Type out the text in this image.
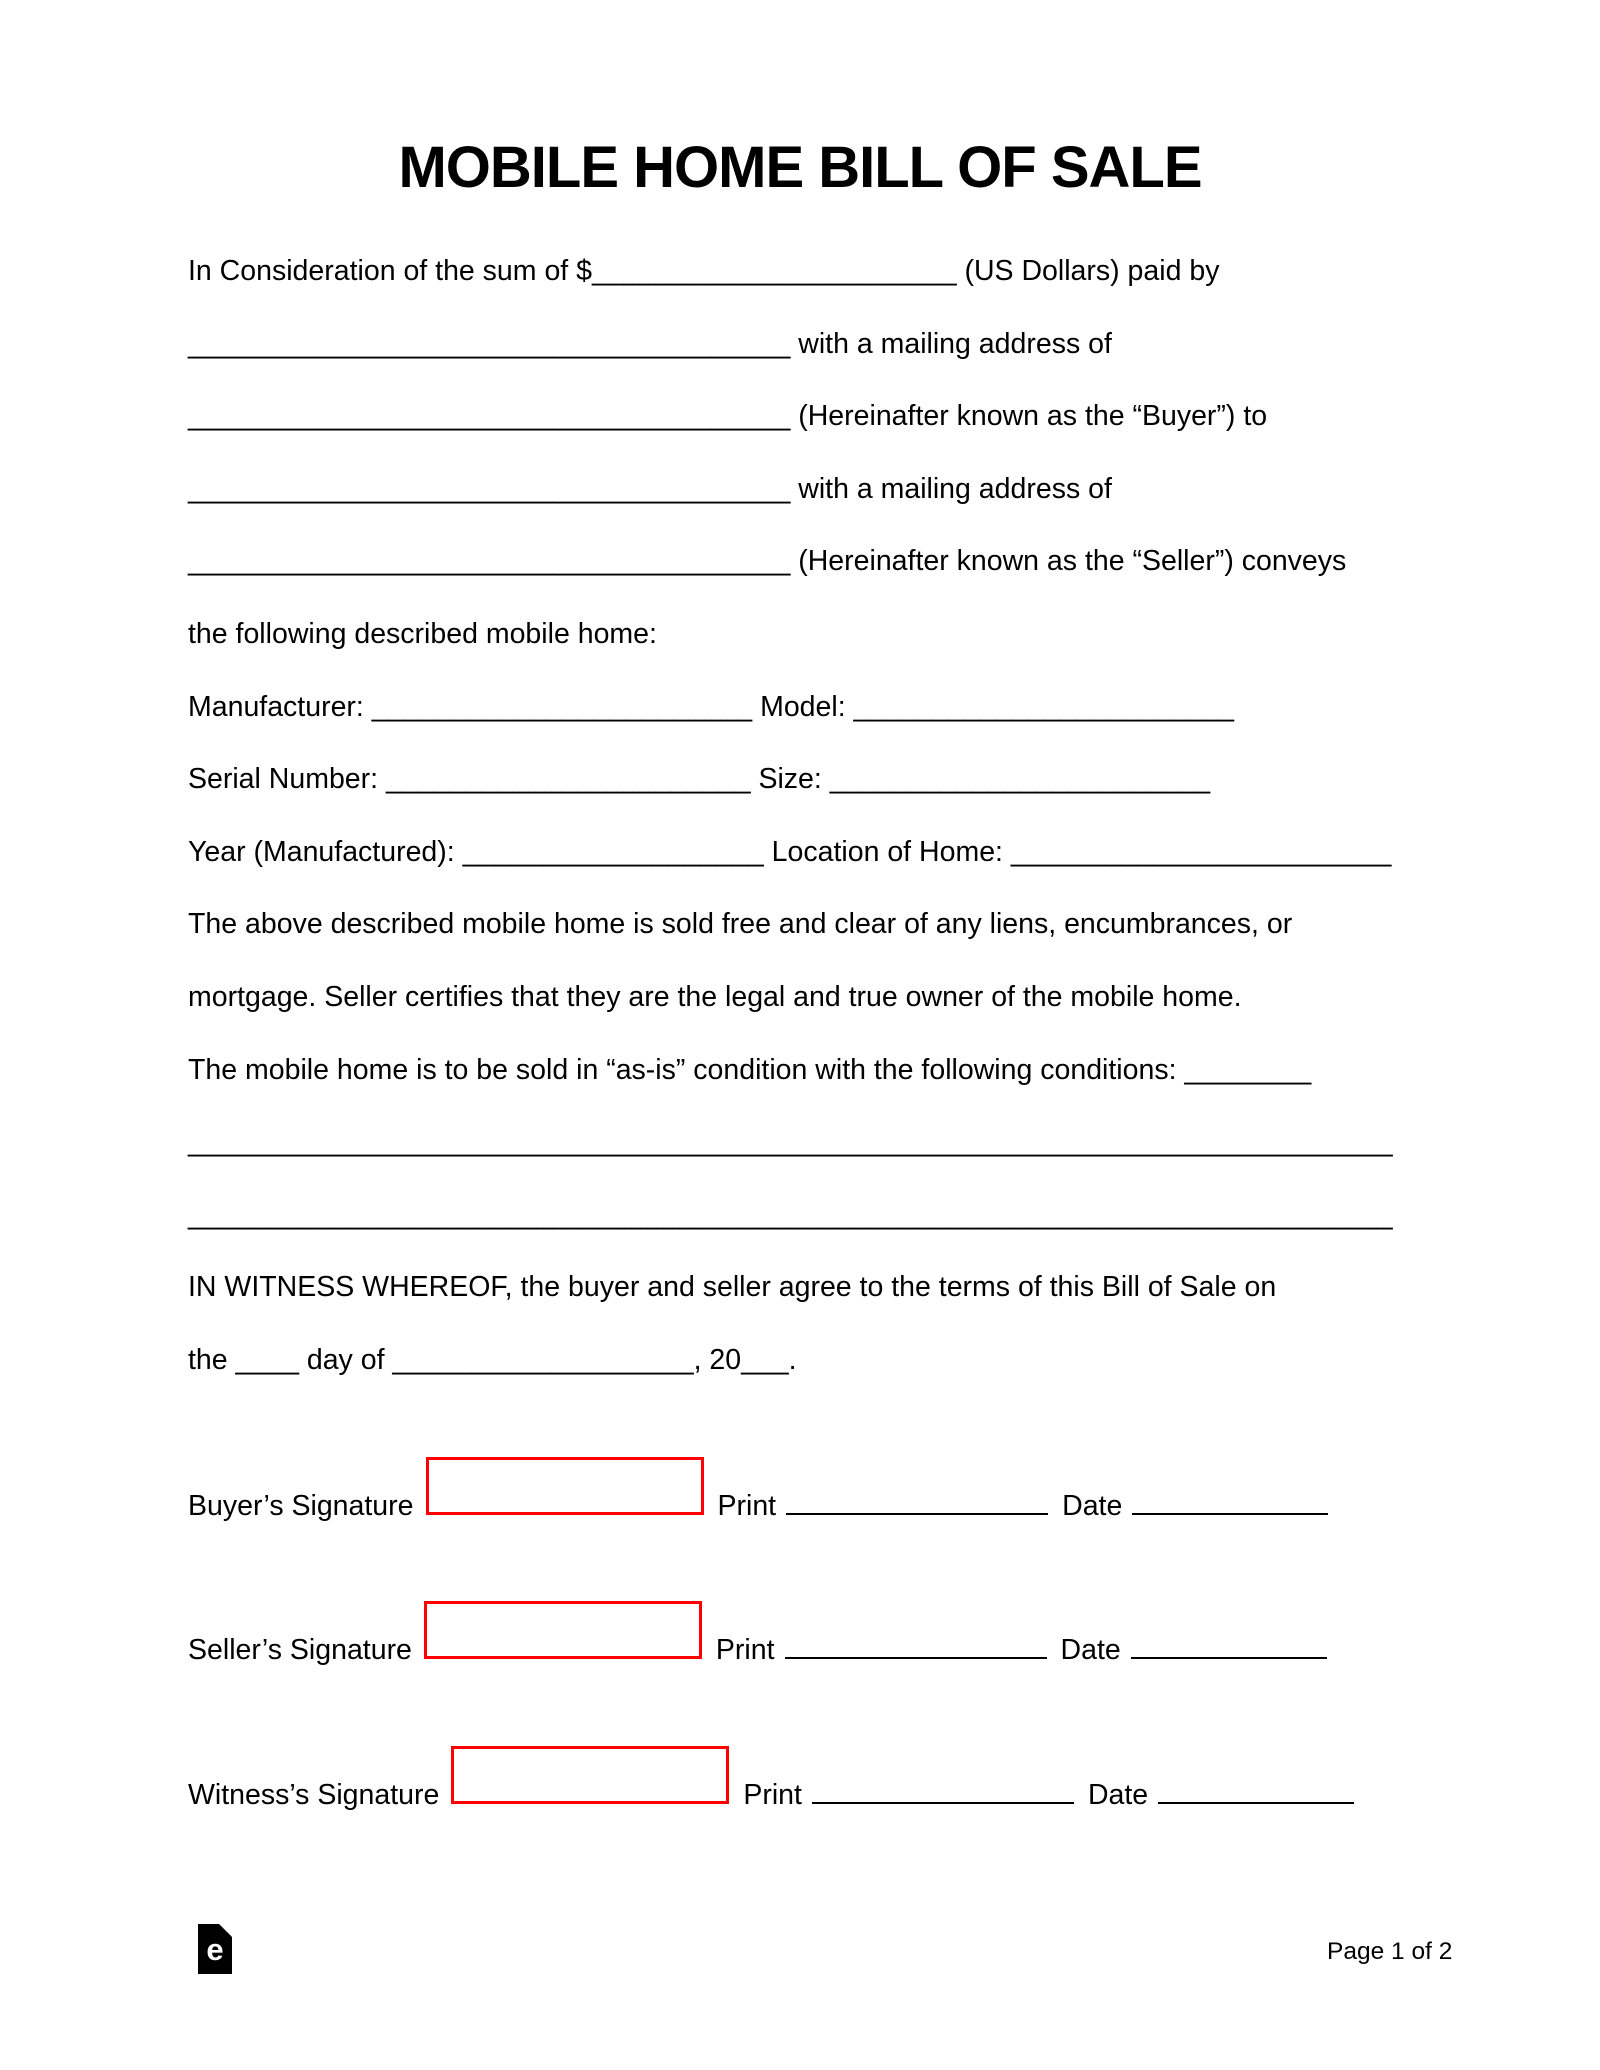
MOBILE HOME BILL OF SALE
In Consideration of the sum of $_______________________ (US Dollars) paid by
______________________________________ with a mailing address of
______________________________________ (Hereinafter known as the “Buyer”) to
______________________________________ with a mailing address of
______________________________________ (Hereinafter known as the “Seller”) conveys
the following described mobile home:
Manufacturer: ________________________ Model: ________________________
Serial Number: _______________________ Size: ________________________
Year (Manufactured): ___________________ Location of Home: ________________________
The above described mobile home is sold free and clear of any liens, encumbrances, or
mortgage. Seller certifies that they are the legal and true owner of the mobile home.
The mobile home is to be sold in “as-is” condition with the following conditions: ________
____________________________________________________________________________
____________________________________________________________________________
IN WITNESS WHEREOF, the buyer and seller agree to the terms of this Bill of Sale on
the ____ day of ___________________, 20___.
Buyer’s Signature	Print	Date
Seller’s Signature	Print	Date
Witness’s Signature	Print	Date
e	Page 1 of 2
